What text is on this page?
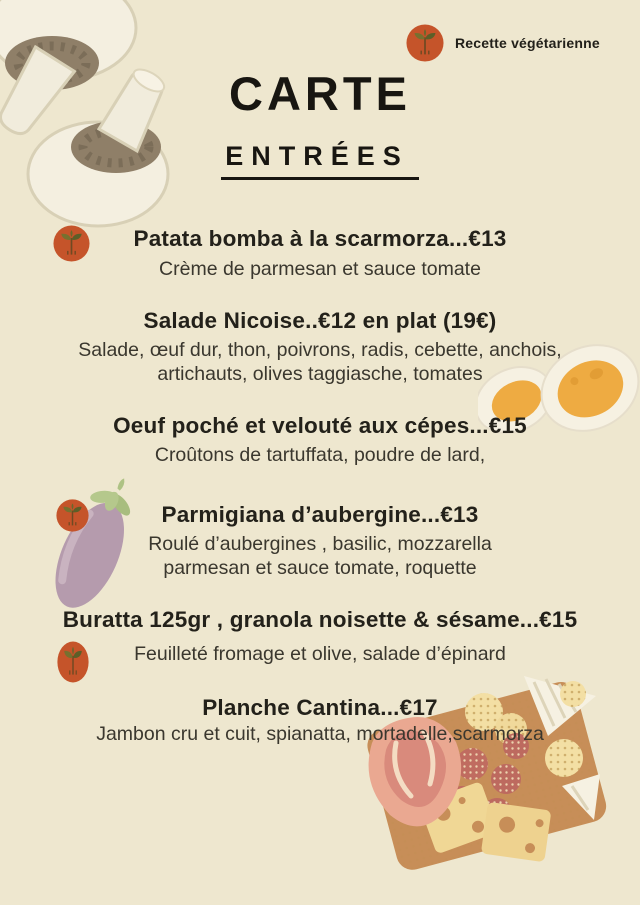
Recette végétarienne
CARTE
ENTRÉES
Patata bomba à la scarmorza...€13
Crème de parmesan et sauce tomate
Salade Nicoise..€12 en plat (19€)
Salade, œuf dur, thon, poivrons, radis, cebette, anchois,
artichauts, olives taggiasche, tomates
Oeuf poché et velouté aux cépes...€15
Croûtons de tartuffata, poudre de lard,
Parmigiana d’aubergine...€13
Roulé d’aubergines , basilic, mozzarella
parmesan et sauce tomate, roquette
Buratta 125gr , granola noisette & sésame...€15
Feuilleté fromage et olive, salade d’épinard
Planche Cantina...€17
Jambon cru et cuit, spianatta, mortadelle,scarmorza
